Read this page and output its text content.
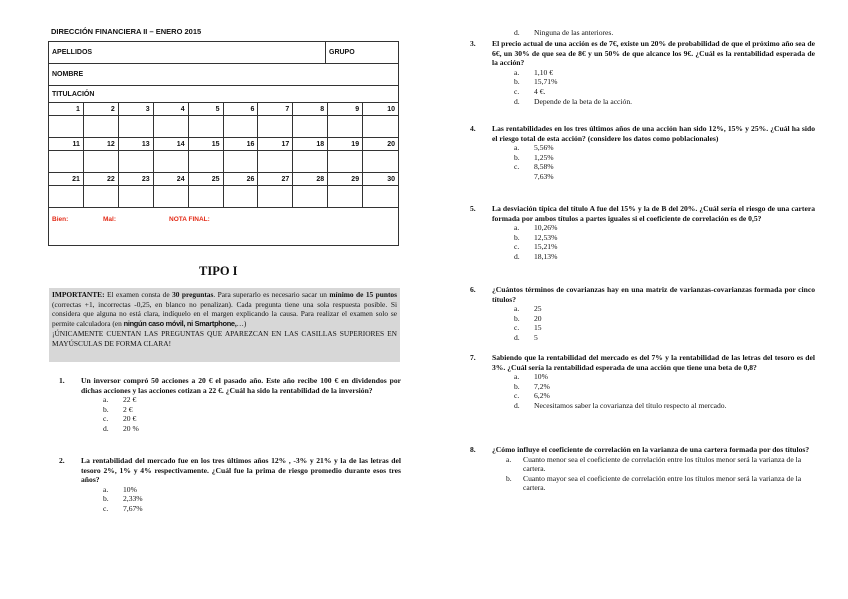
DIRECCIÓN FINANCIERA II – ENERO 2015
APELLIDOS	GRUPO
NOMBRE
TITULACIÓN
1	2	3	4	5	6	7	8	9	10
11	12	13	14	15	16	17	18	19	20
21	22	23	24	25	26	27	28	29	30
Bien:	Mal:	NOTA FINAL:
TIPO I
IMPORTANTE: El examen consta de 30 preguntas. Para superarlo es necesario sacar un mínimo de 15 puntos (correctas +1, incorrectas -0,25, en blanco no penalizan). Cada pregunta tiene una sola respuesta posible. Si considera que alguna no está clara, indíquelo en el margen explicando la causa. Para realizar el examen solo se permite calculadora (en ningún caso móvil, ni Smartphone,…)
¡ÚNICAMENTE CUENTAN LAS PREGUNTAS QUE APAREZCAN EN LAS CASILLAS SUPERIORES EN MAYÚSCULAS DE FORMA CLARA!
1. Un inversor compró 50 acciones a 20 € el pasado año. Este año recibe 100 € en dividendos por dichas acciones y las acciones cotizan a 22 €. ¿Cuál ha sido la rentabilidad de la inversión?
a.	22 €
b.	2 €
c.	20 €
d.	20 %
2. La rentabilidad del mercado fue en los tres últimos años 12% , -3% y 21% y la de las letras del tesoro 2%, 1% y 4% respectivamente. ¿Cuál fue la prima de riesgo promedio durante esos tres años?
a.	10%
b.	2,33%
c.	7,67%
d.	Ninguna de las anteriores.
3. El precio actual de una acción es de 7€, existe un 20% de probabilidad de que el próximo año sea de 6€, un 30% de que sea de 8€ y un 50% de que alcance los 9€. ¿Cuál es la rentabilidad esperada de la acción?
a.	1,10 €
b.	15,71%
c.	4 €.
d.	Depende de la beta de la acción.
4. Las rentabilidades en los tres últimos años de una acción han sido 12%, 15% y 25%. ¿Cuál ha sido el riesgo total de esta acción? (considere los datos como poblacionales)
a.	5,56%
b.	1,25%
c.	8,58%
7,63%
5. La desviación típica del título A fue del 15% y la de B del 20%. ¿Cuál sería el riesgo de una cartera formada por ambos títulos a partes iguales si el coeficiente de correlación es de 0,5?
a.	10,26%
b.	12,53%
c.	15,21%
d.	18,13%
6. ¿Cuántos términos de covarianzas hay en una matriz de varianzas-covarianzas formada por cinco títulos?
a.	25
b.	20
c.	15
d.	5
7. Sabiendo que la rentabilidad del mercado es del 7% y la rentabilidad de las letras del tesoro es del 3%. ¿Cuál sería la rentabilidad esperada de una acción que tiene una beta de 0,8?
a.	10%
b.	7,2%
c.	6,2%
d.	Necesitamos saber la covarianza del título respecto al mercado.
8. ¿Cómo influye el coeficiente de correlación en la varianza de una cartera formada por dos títulos?
a.	Cuanto menor sea el coeficiente de correlación entre los títulos menor será la varianza de la cartera.
b.	Cuanto mayor sea el coeficiente de correlación entre los títulos menor será la varianza de la cartera.
